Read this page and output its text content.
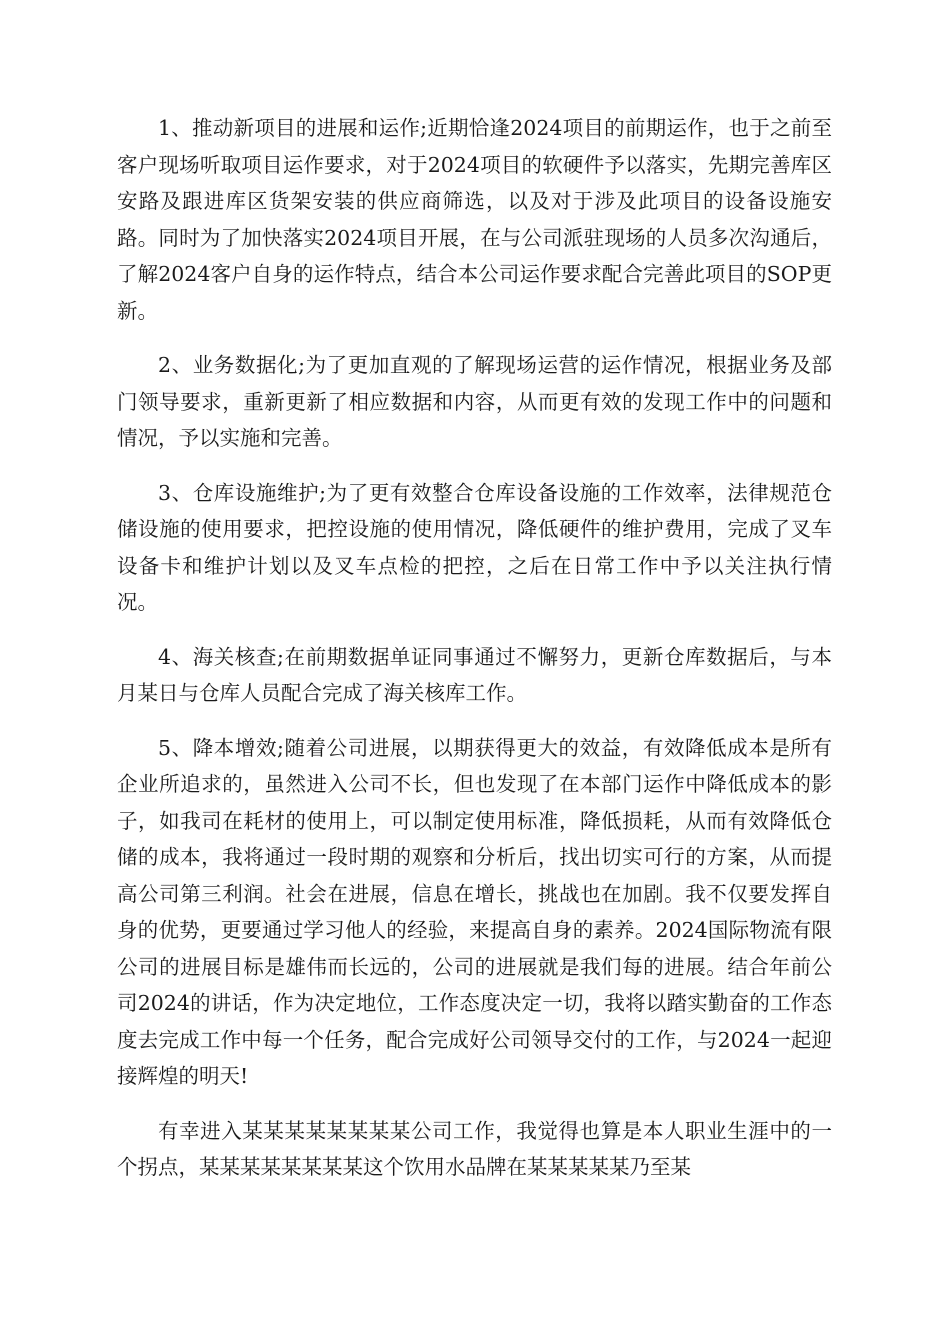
1、推动新项目的进展和运作;近期恰逢2024项目的前期运作，也于之前至客户现场听取项目运作要求，对于2024项目的软硬件予以落实，先期完善库区安路及跟进库区货架安装的供应商筛选，以及对于涉及此项目的设备设施安路。同时为了加快落实2024项目开展，在与公司派驻现场的人员多次沟通后，了解2024客户自身的运作特点，结合本公司运作要求配合完善此项目的SOP更新。

2、业务数据化;为了更加直观的了解现场运营的运作情况，根据业务及部门领导要求，重新更新了相应数据和内容，从而更有效的发现工作中的问题和情况，予以实施和完善。

3、仓库设施维护;为了更有效整合仓库设备设施的工作效率，法律规范仓储设施的使用要求，把控设施的使用情况，降低硬件的维护费用，完成了叉车设备卡和维护计划以及叉车点检的把控，之后在日常工作中予以关注执行情况。

4、海关核查;在前期数据单证同事通过不懈努力，更新仓库数据后，与本月某日与仓库人员配合完成了海关核库工作。

5、降本增效;随着公司进展，以期获得更大的效益，有效降低成本是所有企业所追求的，虽然进入公司不长，但也发现了在本部门运作中降低成本的影子，如我司在耗材的使用上，可以制定使用标准，降低损耗，从而有效降低仓储的成本，我将通过一段时期的观察和分析后，找出切实可行的方案，从而提高公司第三利润。社会在进展，信息在增长，挑战也在加剧。我不仅要发挥自身的优势，更要通过学习他人的经验，来提高自身的素养。2024国际物流有限公司的进展目标是雄伟而长远的，公司的进展就是我们每的进展。结合年前公司2024的讲话，作为决定地位，工作态度决定一切，我将以踏实勤奋的工作态度去完成工作中每一个任务，配合完成好公司领导交付的工作，与2024一起迎接辉煌的明天!

有幸进入某某某某某某某某公司工作，我觉得也算是本人职业生涯中的一个拐点，某某某某某某某某这个饮用水品牌在某某某某某乃至某
